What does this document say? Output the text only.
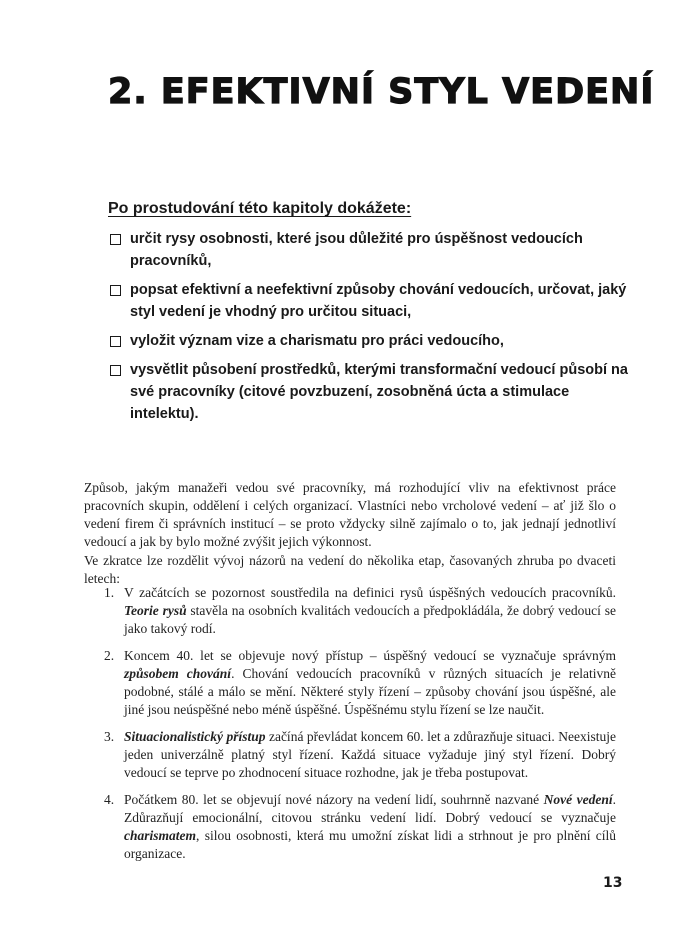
2. EFEKTIVNÍ STYL VEDENÍ
Po prostudování této kapitoly dokážete:
určit rysy osobnosti, které jsou důležité pro úspěšnost vedoucích pracovníků,
popsat efektivní a neefektivní způsoby chování vedoucích, určovat, jaký styl vedení je vhodný pro určitou situaci,
vyložit význam vize a charismatu pro práci vedoucího,
vysvětlit působení prostředků, kterými transformační vedoucí působí na své pracovníky (citové povzbuzení, zosobněná úcta a stimulace intelektu).

Způsob, jakým manažeři vedou své pracovníky, má rozhodující vliv na efektivnost práce pracovních skupin, oddělení i celých organizací. Vlastníci nebo vrcholové vedení – ať již šlo o vedení firem či správních institucí – se proto vždycky silně zajímalo o to, jak jednají jednotliví vedoucí a jak by bylo možné zvýšit jejich výkonnost.

Ve zkratce lze rozdělit vývoj názorů na vedení do několika etap, časovaných zhruba po dvaceti letech:

1. V začátcích se pozornost soustředila na definici rysů úspěšných vedoucích pracovníků. Teorie rysů stavěla na osobních kvalitách vedoucích a předpokládála, že dobrý vedoucí se jako takový rodí.
2. Koncem 40. let se objevuje nový přístup – úspěšný vedoucí se vyznačuje správným způsobem chování. Chování vedoucích pracovníků v různých situacích je relativně podobné, stálé a málo se mění. Některé styly řízení – způsoby chování jsou úspěšné, ale jiné jsou neúspěšné nebo méně úspěšné. Úspěšnému stylu řízení se lze naučit.
3. Situacionalistický přístup začíná převládat koncem 60. let a zdůrazňuje situaci. Neexistuje jeden univerzálně platný styl řízení. Každá situace vyžaduje jiný styl řízení. Dobrý vedoucí se teprve po zhodnocení situace rozhodne, jak je třeba postupovat.
4. Počátkem 80. let se objevují nové názory na vedení lidí, souhrnně nazvané Nové vedení. Zdůrazňují emocionální, citovou stránku vedení lidí. Dobrý vedoucí se vyznačuje charismatem, silou osobnosti, která mu umožní získat lidi a strhnout je pro plnění cílů organizace.
13
